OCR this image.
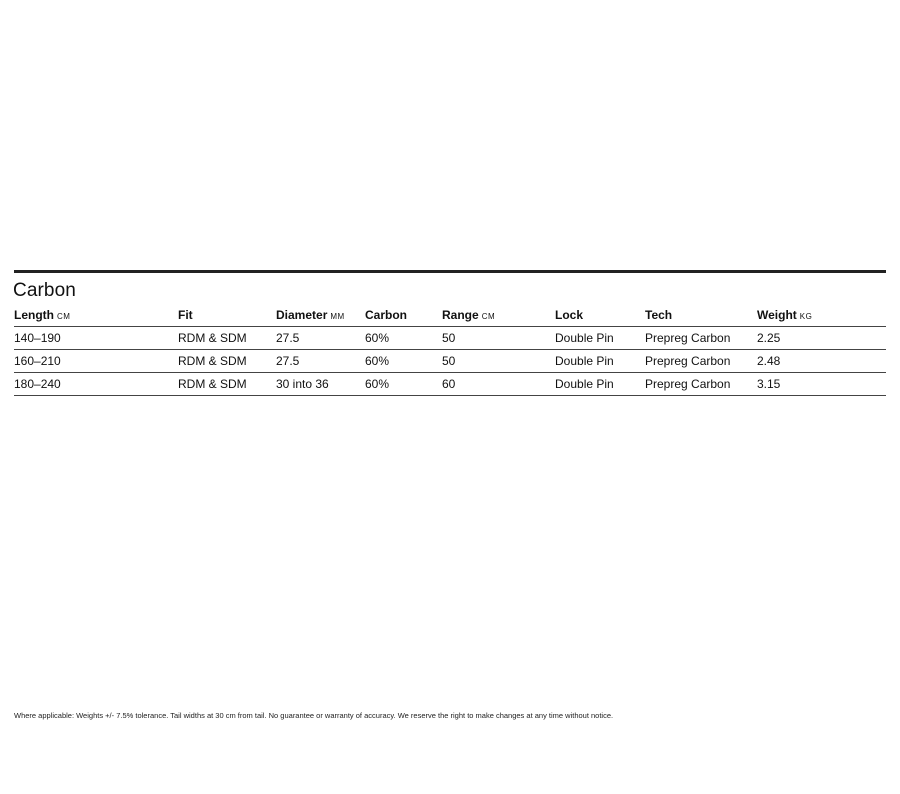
Carbon
Length CM	Fit	Diameter MM	Carbon	Range CM	Lock	Tech	Weight KG
140–190	RDM & SDM	27.5	60%	50	Double Pin	Prepreg Carbon	2.25
160–210	RDM & SDM	27.5	60%	50	Double Pin	Prepreg Carbon	2.48
180–240	RDM & SDM	30 into 36	60%	60	Double Pin	Prepreg Carbon	3.15
Where applicable: Weights +/- 7.5% tolerance. Tail widths at 30 cm from tail. No guarantee or warranty of accuracy. We reserve the right to make changes at any time without notice.
